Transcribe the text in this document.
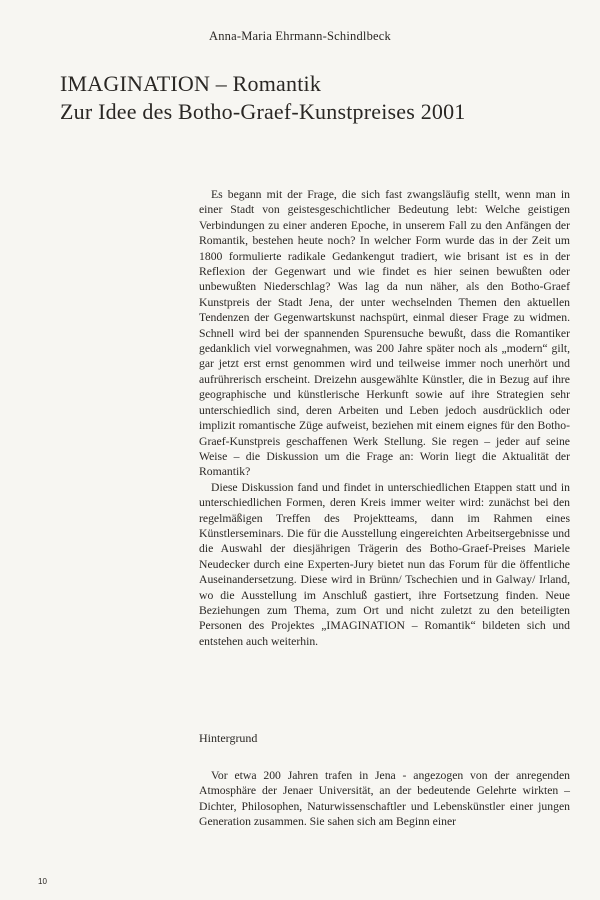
Anna-Maria Ehrmann-Schindlbeck
IMAGINATION – Romantik
Zur Idee des Botho-Graef-Kunstpreises 2001

Es begann mit der Frage, die sich fast zwangsläufig stellt, wenn man in einer Stadt von geistesgeschichtlicher Bedeutung lebt: Welche geistigen Verbindungen zu einer anderen Epoche, in unserem Fall zu den Anfängen der Romantik, bestehen heute noch? In welcher Form wurde das in der Zeit um 1800 formulierte radikale Gedankengut tradiert, wie brisant ist es in der Reflexion der Gegenwart und wie findet es hier seinen bewußten oder unbewußten Niederschlag? Was lag da nun näher, als den Botho-Graef Kunstpreis der Stadt Jena, der unter wechselnden Themen den aktuellen Tendenzen der Gegenwartskunst nachspürt, einmal dieser Frage zu widmen. Schnell wird bei der spannenden Spurensuche bewußt, dass die Romantiker gedanklich viel vorwegnahmen, was 200 Jahre später noch als „modern“ gilt, gar jetzt erst ernst genommen wird und teilweise immer noch unerhört und aufrührerisch erscheint. Dreizehn ausgewählte Künstler, die in Bezug auf ihre geographische und künstlerische Herkunft sowie auf ihre Strategien sehr unterschiedlich sind, deren Arbeiten und Leben jedoch ausdrücklich oder implizit romantische Züge aufweist, beziehen mit einem eignes für den Botho-Graef-Kunstpreis geschaffenen Werk Stellung. Sie regen – jeder auf seine Weise – die Diskussion um die Frage an: Worin liegt die Aktualität der Romantik?

Diese Diskussion fand und findet in unterschiedlichen Etappen statt und in unterschiedlichen Formen, deren Kreis immer weiter wird: zunächst bei den regelmäßigen Treffen des Projektteams, dann im Rahmen eines Künstlerseminars. Die für die Ausstellung eingereichten Arbeitsergebnisse und die Auswahl der diesjährigen Trägerin des Botho-Graef-Preises Mariele Neudecker durch eine Experten-Jury bietet nun das Forum für die öffentliche Auseinandersetzung. Diese wird in Brünn/ Tschechien und in Galway/ Irland, wo die Ausstellung im Anschluß gastiert, ihre Fortsetzung finden. Neue Beziehungen zum Thema, zum Ort und nicht zuletzt zu den beteiligten Personen des Projektes „IMAGINATION – Romantik“ bildeten sich und entstehen auch weiterhin.

Hintergrund

Vor etwa 200 Jahren trafen in Jena - angezogen von der anregenden Atmosphäre der Jenaer Universität, an der bedeutende Gelehrte wirkten – Dichter, Philosophen, Naturwissenschaftler und Lebenskünstler einer jungen Generation zusammen. Sie sahen sich am Beginn einer

10
